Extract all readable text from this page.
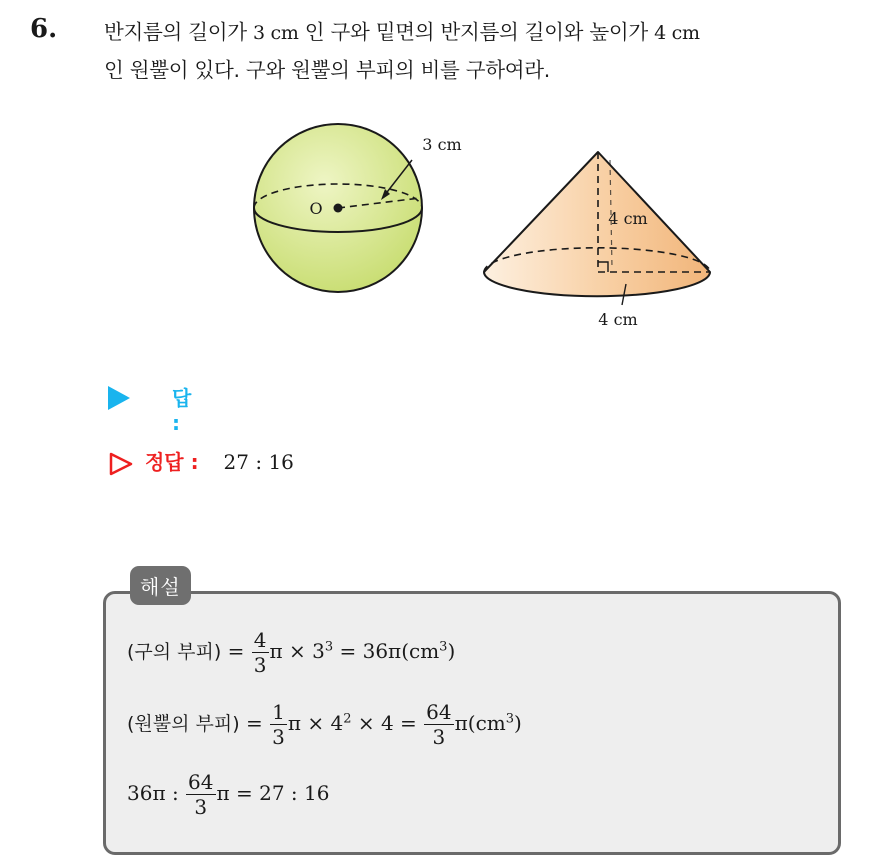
6. 반지름의 길이가 3 cm 인 구와 밑면의 반지름의 길이와 높이가 4 cm
인 원뿔이 있다. 구와 원뿔의 부피의 비를 구하여라.
3 cm
O
4 cm
4 cm
답 :
정답 : 27 : 16
해설
(구의 부피) = $\frac{4}{3}$ $\pi \times 3^3 = 36\pi(cm^3)$
(원뿔의 부피) = $\frac{1}{3}$ $\pi \times 4^2 \times 4 = \frac{64}{3} \pi(cm^3)$
36π : $\frac{64}{3}$ π = 27 : 16
